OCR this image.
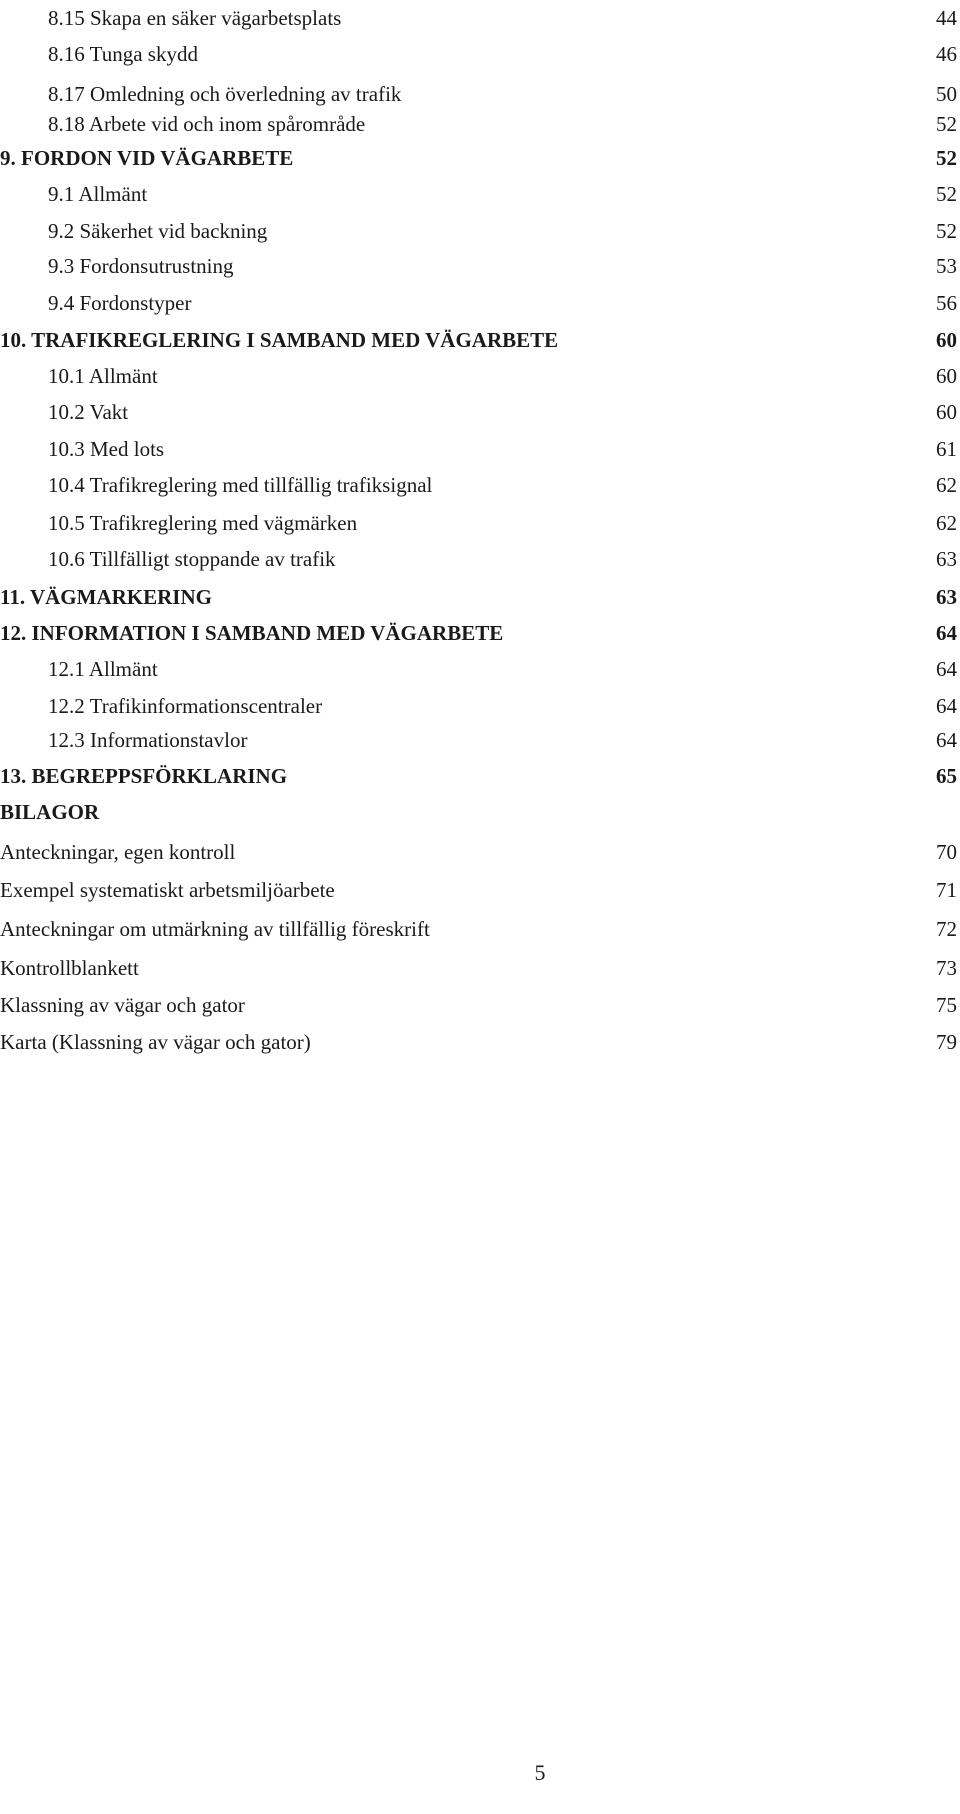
8.15 Skapa en säker vägarbetsplats	44
8.16 Tunga skydd	46
8.17 Omledning och överledning av trafik	50
8.18 Arbete vid och inom spårområde	52
9. FORDON VID VÄGARBETE	52
9.1 Allmänt	52
9.2 Säkerhet vid backning	52
9.3 Fordonsutrustning	53
9.4 Fordonstyper	56
10. TRAFIKREGLERING I SAMBAND MED VÄGARBETE	60
10.1 Allmänt	60
10.2 Vakt	60
10.3 Med lots	61
10.4 Trafikreglering med tillfällig trafiksignal	62
10.5 Trafikreglering med vägmärken	62
10.6 Tillfälligt stoppande av trafik	63
11. VÄGMARKERING	63
12. INFORMATION I SAMBAND MED VÄGARBETE	64
12.1 Allmänt	64
12.2 Trafikinformationscentraler	64
12.3 Informationstavlor	64
13. BEGREPPSFÖRKLARING	65
BILAGOR
Anteckningar, egen kontroll	70
Exempel systematiskt arbetsmiljöarbete	71
Anteckningar om utmärkning av tillfällig föreskrift	72
Kontrollblankett	73
Klassning av vägar och gator	75
Karta (Klassning av vägar och gator)	79
5
